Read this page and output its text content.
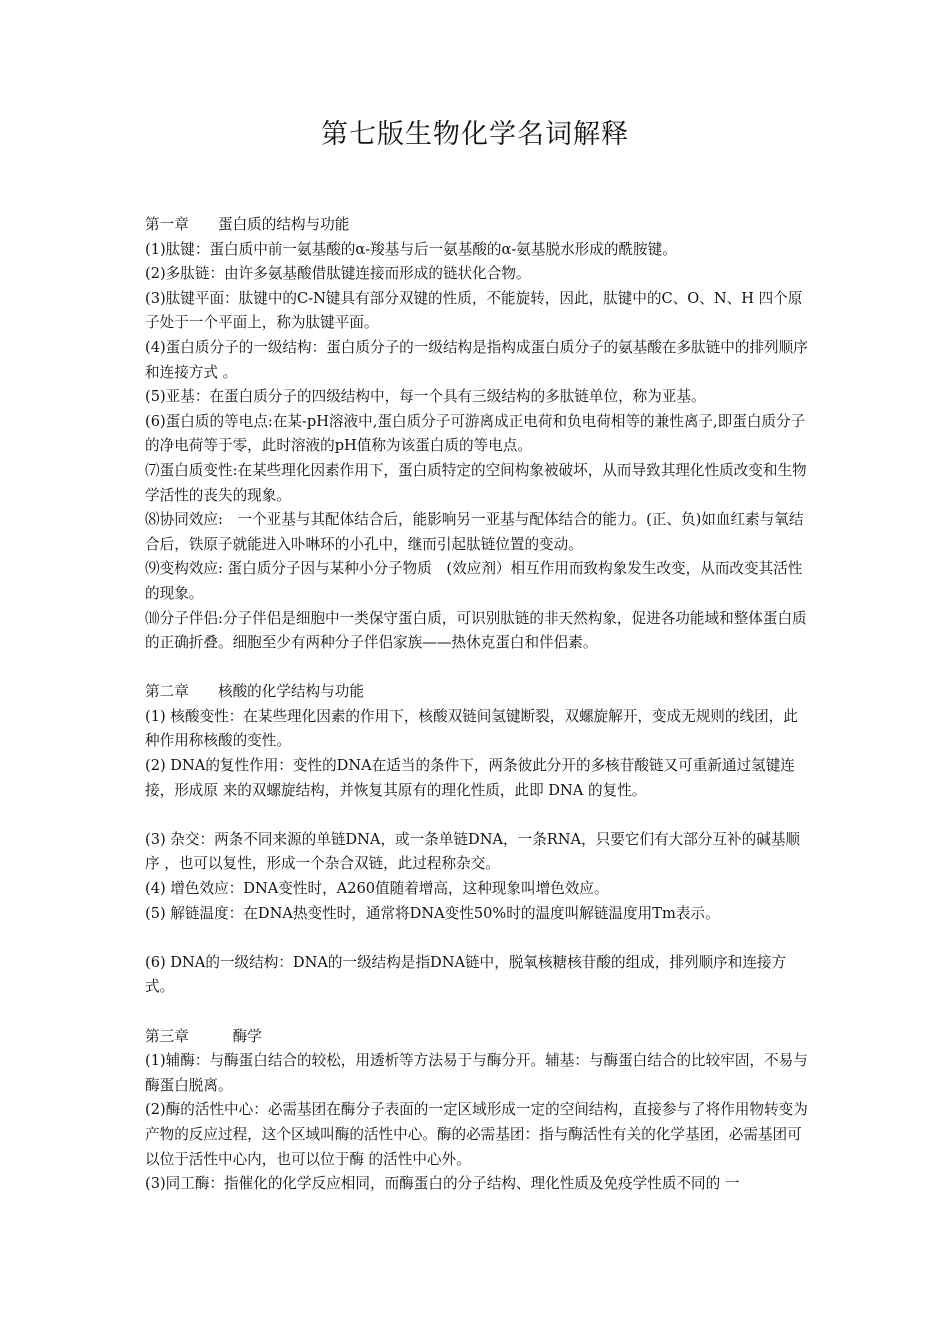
第七版生物化学名词解释

第一章　　蛋白质的结构与功能

(1)肽键：蛋白质中前一氨基酸的α-羧基与后一氨基酸的α-氨基脱水形成的酰胺键。

(2)多肽链：由许多氨基酸借肽键连接而形成的链状化合物。

(3)肽键平面：肽键中的C-N键具有部分双键的性质，不能旋转，因此，肽键中的C、O、N、H 四个原子处于一个平面上，称为肽键平面。

(4)蛋白质分子的一级结构：蛋白质分子的一级结构是指构成蛋白质分子的氨基酸在多肽链中的排列顺序和连接方式 。

(5)亚基：在蛋白质分子的四级结构中，每一个具有三级结构的多肽链单位，称为亚基。

(6)蛋白质的等电点:在某-pH溶液中,蛋白质分子可游离成正电荷和负电荷相等的兼性离子,即蛋白质分子的净电荷等于零，此时溶液的pH值称为该蛋白质的等电点。

⑺蛋白质变性:在某些理化因素作用下，蛋白质特定的空间构象被破坏，从而导致其理化性质改变和生物学活性的丧失的现象。

⑻协同效应:　一个亚基与其配体结合后，能影响另一亚基与配体结合的能力。(正、负)如血红素与氧结合后，铁原子就能进入卟啉环的小孔中，继而引起肽链位置的变动。

⑼变构效应: 蛋白质分子因与某种小分子物质　(效应剂）相互作用而致构象发生改变，从而改变其活性的现象。

⑽分子伴侣:分子伴侣是细胞中一类保守蛋白质，可识别肽链的非天然构象，促进各功能域和整体蛋白质的正确折叠。细胞至少有两种分子伴侣家族——热休克蛋白和伴侣素。

第二章　　核酸的化学结构与功能

(1) 核酸变性：在某些理化因素的作用下，核酸双链间氢键断裂，双螺旋解开，变成无规则的线团，此 种作用称核酸的变性。

(2) DNA的复性作用：变性的DNA在适当的条件下，两条彼此分开的多核苷酸链又可重新通过氢键连接，形成原 来的双螺旋结构，并恢复其原有的理化性质，此即 DNA 的复性。

(3) 杂交：两条不同来源的单链DNA，或一条单链DNA，一条RNA，只要它们有大部分互补的碱基顺序 ，也可以复性，形成一个杂合双链，此过程称杂交。

(4) 增色效应：DNA变性时，A260值随着增高，这种现象叫增色效应。

(5) 解链温度：在DNA热变性时，通常将DNA变性50%时的温度叫解链温度用Tm表示。

(6) DNA的一级结构：DNA的一级结构是指DNA链中，脱氧核糖核苷酸的组成，排列顺序和连接方式。

第三章　　　酶学

(1)辅酶：与酶蛋白结合的较松，用透析等方法易于与酶分开。辅基：与酶蛋白结合的比较牢固，不易与酶蛋白脱离。

(2)酶的活性中心：必需基团在酶分子表面的一定区域形成一定的空间结构，直接参与了将作用物转变为产物的反应过程，这个区域叫酶的活性中心。酶的必需基团：指与酶活性有关的化学基团，必需基团可以位于活性中心内，也可以位于酶 的活性中心外。

(3)同工酶：指催化的化学反应相同，而酶蛋白的分子结构、理化性质及免疫学性质不同的 一
